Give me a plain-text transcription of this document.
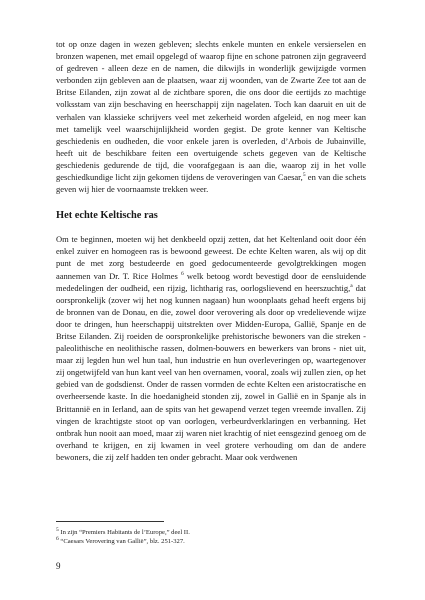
tot op onze dagen in wezen gebleven; slechts enkele munten en enkele versierselen en bronzen wapenen, met email opgelegd of waarop fijne en schone patronen zijn gegraveerd of gedreven - alleen deze en de namen, die dikwijls in wonderlijk gewijzigde vormen verbonden zijn gebleven aan de plaatsen, waar zij woonden, van de Zwarte Zee tot aan de Britse Eilanden, zijn zowat al de zichtbare sporen, die ons door die eertijds zo machtige volksstam van zijn beschaving en heerschappij zijn nagelaten. Toch kan daaruit en uit de verhalen van klassieke schrijvers veel met zekerheid worden afgeleid, en nog meer kan met tamelijk veel waarschijnlijkheid worden gegist. De grote kenner van Keltische geschiedenis en oudheden, die voor enkele jaren is overleden, d’Arbois de Jubainville, heeft uit de beschikbare feiten een overtuigende schets gegeven van de Keltische geschiedenis gedurende de tijd, die voorafgegaan is aan die, waarop zij in het volle geschiedkundige licht zijn gekomen tijdens de veroveringen van Caesar,$^5$ en van die schets geven wij hier de voornaamste trekken weer.

Het echte Keltische ras

Om te beginnen, moeten wij het denkbeeld opzij zetten, dat het Keltenland ooit door één enkel zuiver en homogeen ras is bewoond geweest. De echte Kelten waren, als wij op dit punt de met zorg bestudeerde en goed gedocumenteerde gevolgtrekkingen mogen aannemen van Dr. T. Rice Holmes $^6$ welk betoog wordt bevestigd door de eensluidende mededelingen der oudheid, een rijzig, lichtharig ras, oorlogslievend en heerszuchtig,$^a$ dat oorspronkelijk (zover wij het nog kunnen nagaan) hun woonplaats gehad heeft ergens bij de bronnen van de Donau, en die, zowel door verovering als door op vredelievende wijze door te dringen, hun heerschappij uitstrekten over Midden-Europa, Gallië, Spanje en de Britse Eilanden. Zij roeiden de oorspronkelijke prehistorische bewoners van die streken - paleolithische en neolithische rassen, dolmen-bouwers en bewerkers van brons - niet uit, maar zij legden hun wel hun taal, hun industrie en hun overleveringen op, waartegenover zij ongetwijfeld van hun kant veel van hen overnamen, vooral, zoals wij zullen zien, op het gebied van de godsdienst. Onder de rassen vormden de echte Kelten een aristocratische en overheersende kaste. In die hoedanigheid stonden zij, zowel in Gallië en in Spanje als in Brittannië en in Ierland, aan de spits van het gewapend verzet tegen vreemde invallen. Zij vingen de krachtigste stoot op van oorlogen, verbeurdverklaringen en verbanning. Het ontbrak hun nooit aan moed, maar zij waren niet krachtig of niet eensgezind genoeg om de overhand te krijgen, en zij kwamen in veel grotere verhouding om dan de andere bewoners, die zij zelf hadden ten onder gebracht. Maar ook verdwenen

$^5$ In zijn “Premiers Habitants de l’Europe,” deel II.

$^6$ “Caesars Verovering van Gallië”, blz. 251-327.

9
